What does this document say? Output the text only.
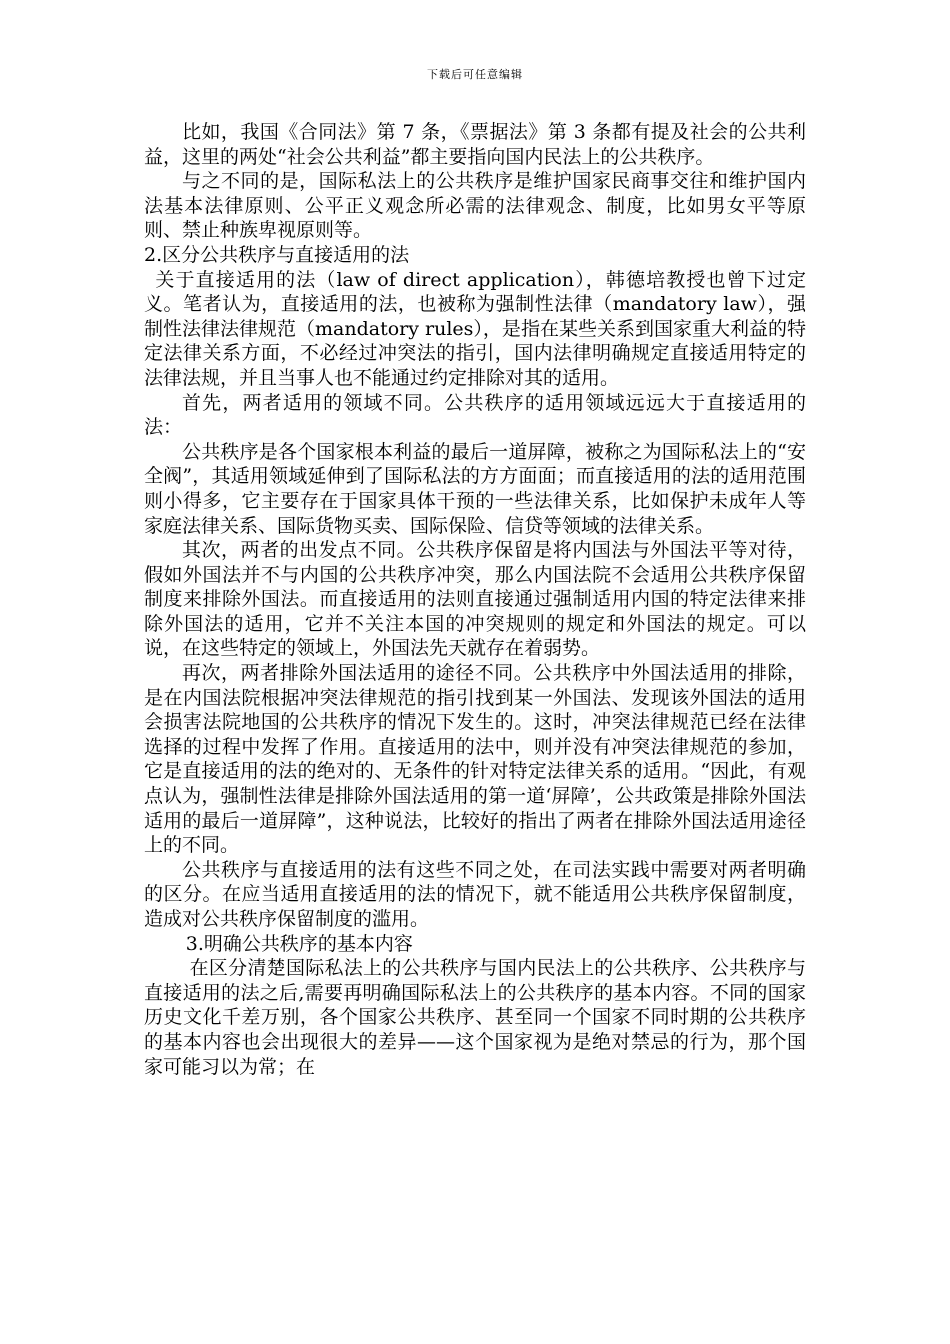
下载后可任意编辑

比如，我国《合同法》第 7 条，《票据法》第 3 条都有提及社会的公共利益，这里的两处“社会公共利益”都主要指向国内民法上的公共秩序。

与之不同的是，国际私法上的公共秩序是维护国家民商事交往和维护国内法基本法律原则、公平正义观念所必需的法律观念、制度，比如男女平等原则、禁止种族卑视原则等。

2.区分公共秩序与直接适用的法

关于直接适用的法（law of direct application），韩德培教授也曾下过定义。笔者认为，直接适用的法，也被称为强制性法律（mandatory law），强制性法律法律规范（mandatory rules），是指在某些关系到国家重大利益的特定法律关系方面，不必经过冲突法的指引，国内法律明确规定直接适用特定的法律法规，并且当事人也不能通过约定排除对其的适用。

首先，两者适用的领域不同。公共秩序的适用领域远远大于直接适用的法：

公共秩序是各个国家根本利益的最后一道屏障，被称之为国际私法上的“安全阀”，其适用领域延伸到了国际私法的方方面面；而直接适用的法的适用范围则小得多，它主要存在于国家具体干预的一些法律关系，比如保护未成年人等家庭法律关系、国际货物买卖、国际保险、信贷等领域的法律关系。

其次，两者的出发点不同。公共秩序保留是将内国法与外国法平等对待，假如外国法并不与内国的公共秩序冲突，那么内国法院不会适用公共秩序保留制度来排除外国法。而直接适用的法则直接通过强制适用内国的特定法律来排除外国法的适用，它并不关注本国的冲突规则的规定和外国法的规定。可以说，在这些特定的领域上，外国法先天就存在着弱势。

再次，两者排除外国法适用的途径不同。公共秩序中外国法适用的排除，是在内国法院根据冲突法律规范的指引找到某一外国法、发现该外国法的适用会损害法院地国的公共秩序的情况下发生的。这时，冲突法律规范已经在法律选择的过程中发挥了作用。直接适用的法中，则并没有冲突法律规范的参加，它是直接适用的法的绝对的、无条件的针对特定法律关系的适用。“因此，有观点认为，强制性法律是排除外国法适用的第一道‘屏障’，公共政策是排除外国法适用的最后一道屏障”，这种说法，比较好的指出了两者在排除外国法适用途径上的不同。

公共秩序与直接适用的法有这些不同之处，在司法实践中需要对两者明确的区分。在应当适用直接适用的法的情况下，就不能适用公共秩序保留制度，造成对公共秩序保留制度的滥用。

3.明确公共秩序的基本内容

在区分清楚国际私法上的公共秩序与国内民法上的公共秩序、公共秩序与直接适用的法之后,需要再明确国际私法上的公共秩序的基本内容。不同的国家历史文化千差万别，各个国家公共秩序、甚至同一个国家不同时期的公共秩序的基本内容也会出现很大的差异——这个国家视为是绝对禁忌的行为，那个国家可能习以为常；在
